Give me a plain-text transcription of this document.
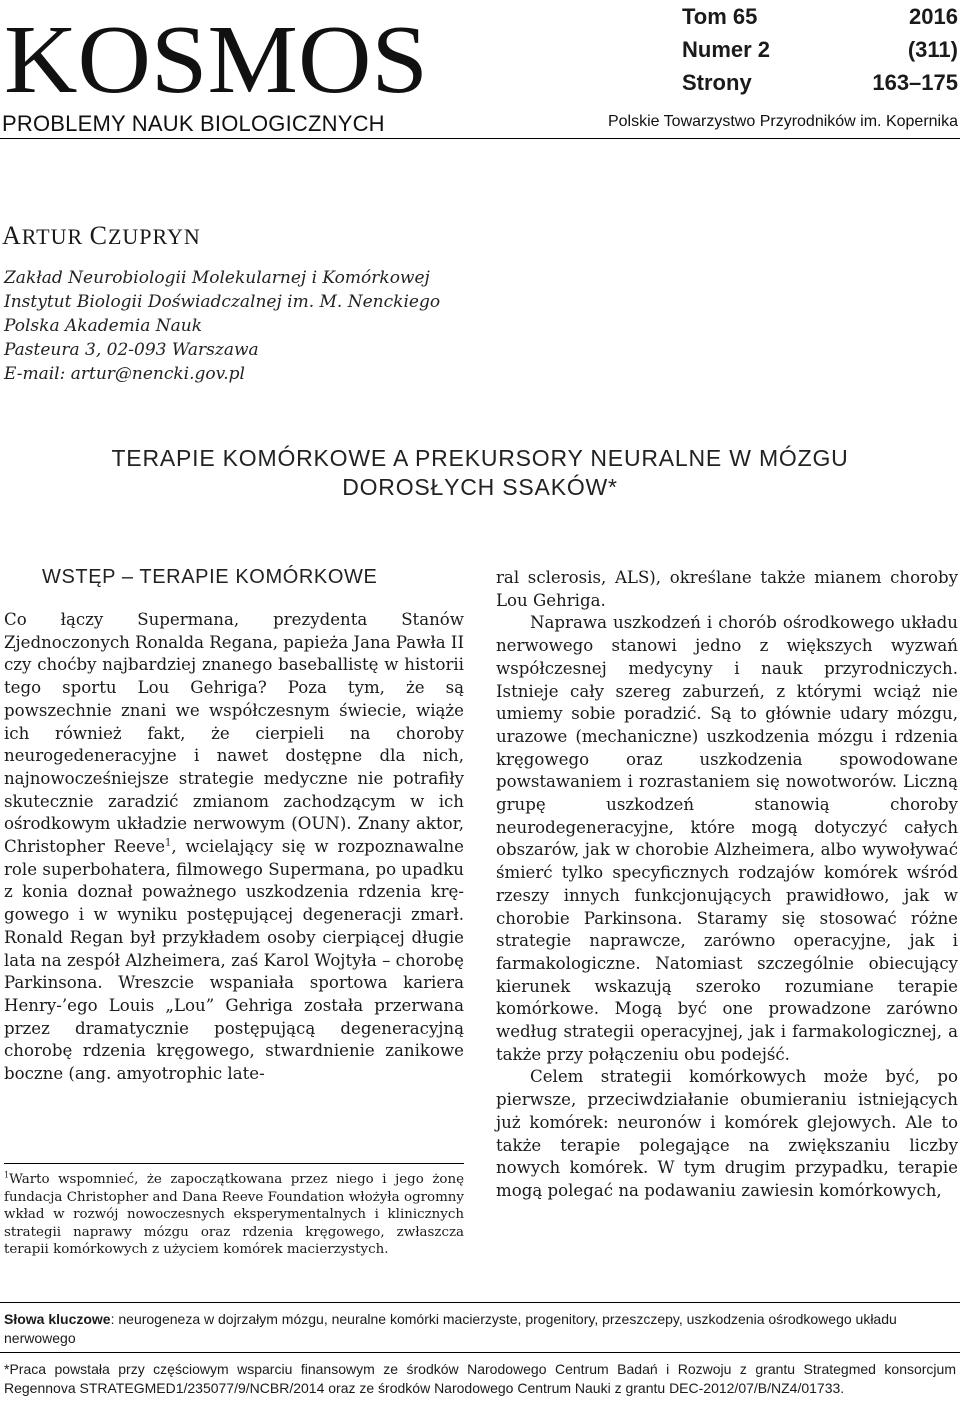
KOSMOS
PROBLEMY NAUK BIOLOGICZNYCH
Tom 65	2016
Numer 2	(311)
Strony	163–175
Polskie Towarzystwo Przyrodników im. Kopernika
ARTUR CZUPRYN
Zakład Neurobiologii Molekularnej i Komórkowej
Instytut Biologii Doświadczalnej im. M. Nenckiego
Polska Akademia Nauk
Pasteura 3, 02-093 Warszawa
E-mail: artur@nencki.gov.pl
TERAPIE KOMÓRKOWE A PREKURSORY NEURALNE W MÓZGU
DOROSŁYCH SSAKÓW*
WSTĘP – TERAPIE KOMÓRKOWE

Co łączy Supermana, prezydenta Stanów Zjednoczonych Ronalda Regana, papieża Jana Pawła II czy choćby najbardziej znanego baseballistę w historii tego sportu Lou Gehriga? Poza tym, że są powszechnie znani we współczesnym świecie, wiąże ich również fakt, że cierpieli na choroby neurogedeneracyjne i nawet dostępne dla nich, najnowocześniejsze strategie medyczne nie potrafiły skutecznie zaradzić zmianom zachodzącym w ich ośrodkowym układzie nerwowym (OUN). Znany aktor, Christopher Reeve$^1$, wcielający się w rozpoznawalne role superbohatera, filmowego Supermana, po upadku z konia doznał poważnego uszkodzenia rdzenia kręgowego i w wyniku postępującej degeneracji zmarł. Ronald Regan był przykładem osoby cierpiącej długie lata na zespół Alzheimera, zaś Karol Wojtyła – chorobę Parkinsona. Wreszcie wspaniała sportowa kariera Henry-’ego Louis „Lou” Gehriga została przerwana przez dramatycznie postępującą degeneracyjną chorobę rdzenia kręgowego, stwardnienie zanikowe boczne (ang. amyotrophic late-

$^1$Warto wspomnieć, że zapoczątkowana przez niego i jego żonę fundacja Christopher and Dana Reeve Foundation włożyła ogromny wkład w rozwój nowoczesnych eksperymentalnych i klinicznych strategii naprawy mózgu oraz rdzenia kręgowego, zwłaszcza terapii komórkowych z użyciem komórek macierzystych.

ral sclerosis, ALS), określane także mianem choroby Lou Gehriga.

Naprawa uszkodzeń i chorób ośrodkowego układu nerwowego stanowi jedno z większych wyzwań współczesnej medycyny i nauk przyrodniczych. Istnieje cały szereg zaburzeń, z którymi wciąż nie umiemy sobie poradzić. Są to głównie udary mózgu, urazowe (mechaniczne) uszkodzenia mózgu i rdzenia kręgowego oraz uszkodzenia spowodowane powstawaniem i rozrastaniem się nowotworów. Liczną grupę uszkodzeń stanowią choroby neurodegeneracyjne, które mogą dotyczyć całych obszarów, jak w chorobie Alzheimera, albo wywoływać śmierć tylko specyficznych rodzajów komórek wśród rzeszy innych funkcjonujących prawidłowo, jak w chorobie Parkinsona. Staramy się stosować różne strategie naprawcze, zarówno operacyjne, jak i farmakologiczne. Natomiast szczególnie obiecujący kierunek wskazują szeroko rozumiane terapie komórkowe. Mogą być one prowadzone zarówno według strategii operacyjnej, jak i farmakologicznej, a także przy połączeniu obu podejść.

Celem strategii komórkowych może być, po pierwsze, przeciwdziałanie obumieraniu istniejących już komórek: neuronów i komórek glejowych. Ale to także terapie polegające na zwiększaniu liczby nowych komórek. W tym drugim przypadku, terapie mogą polegać na podawaniu zawiesin komórkowych,

Słowa kluczowe: neurogeneza w dojrzałym mózgu, neuralne komórki macierzyste, progenitory, przeszczepy, uszkodzenia ośrodkowego układu nerwowego
*Praca powstała przy częściowym wsparciu finansowym ze środków Narodowego Centrum Badań i Rozwoju z grantu Strategmed konsorcjum Regennova STRATEGMED1/235077/9/NCBR/2014 oraz ze środków Narodowego Centrum Nauki z grantu DEC-2012/07/B/NZ4/01733.
